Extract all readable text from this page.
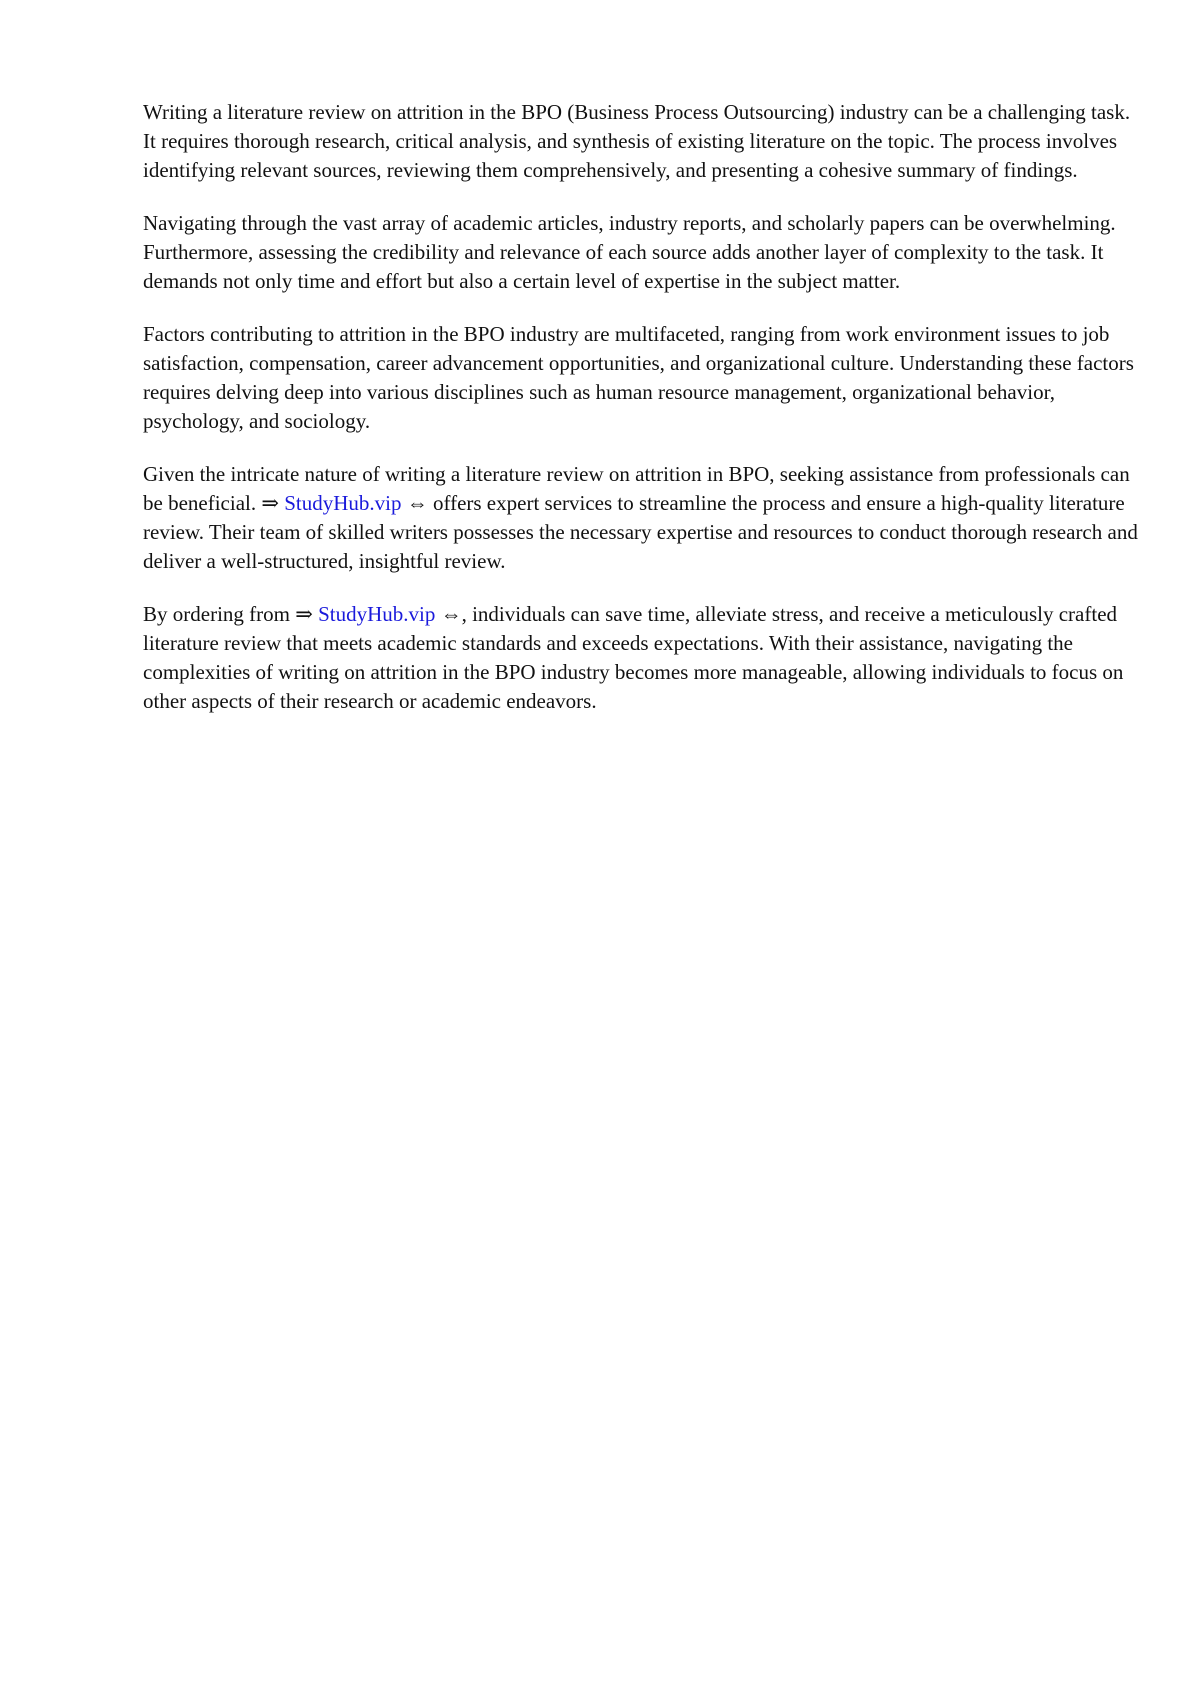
Writing a literature review on attrition in the BPO (Business Process Outsourcing) industry can be a challenging task. It requires thorough research, critical analysis, and synthesis of existing literature on the topic. The process involves identifying relevant sources, reviewing them comprehensively, and presenting a cohesive summary of findings.

Navigating through the vast array of academic articles, industry reports, and scholarly papers can be overwhelming. Furthermore, assessing the credibility and relevance of each source adds another layer of complexity to the task. It demands not only time and effort but also a certain level of expertise in the subject matter.

Factors contributing to attrition in the BPO industry are multifaceted, ranging from work environment issues to job satisfaction, compensation, career advancement opportunities, and organizational culture. Understanding these factors requires delving deep into various disciplines such as human resource management, organizational behavior, psychology, and sociology.

Given the intricate nature of writing a literature review on attrition in BPO, seeking assistance from professionals can be beneficial. ⇒ StudyHub.vip ⇔ offers expert services to streamline the process and ensure a high-quality literature review. Their team of skilled writers possesses the necessary expertise and resources to conduct thorough research and deliver a well-structured, insightful review.

By ordering from ⇒ StudyHub.vip ⇔, individuals can save time, alleviate stress, and receive a meticulously crafted literature review that meets academic standards and exceeds expectations. With their assistance, navigating the complexities of writing on attrition in the BPO industry becomes more manageable, allowing individuals to focus on other aspects of their research or academic endeavors.
